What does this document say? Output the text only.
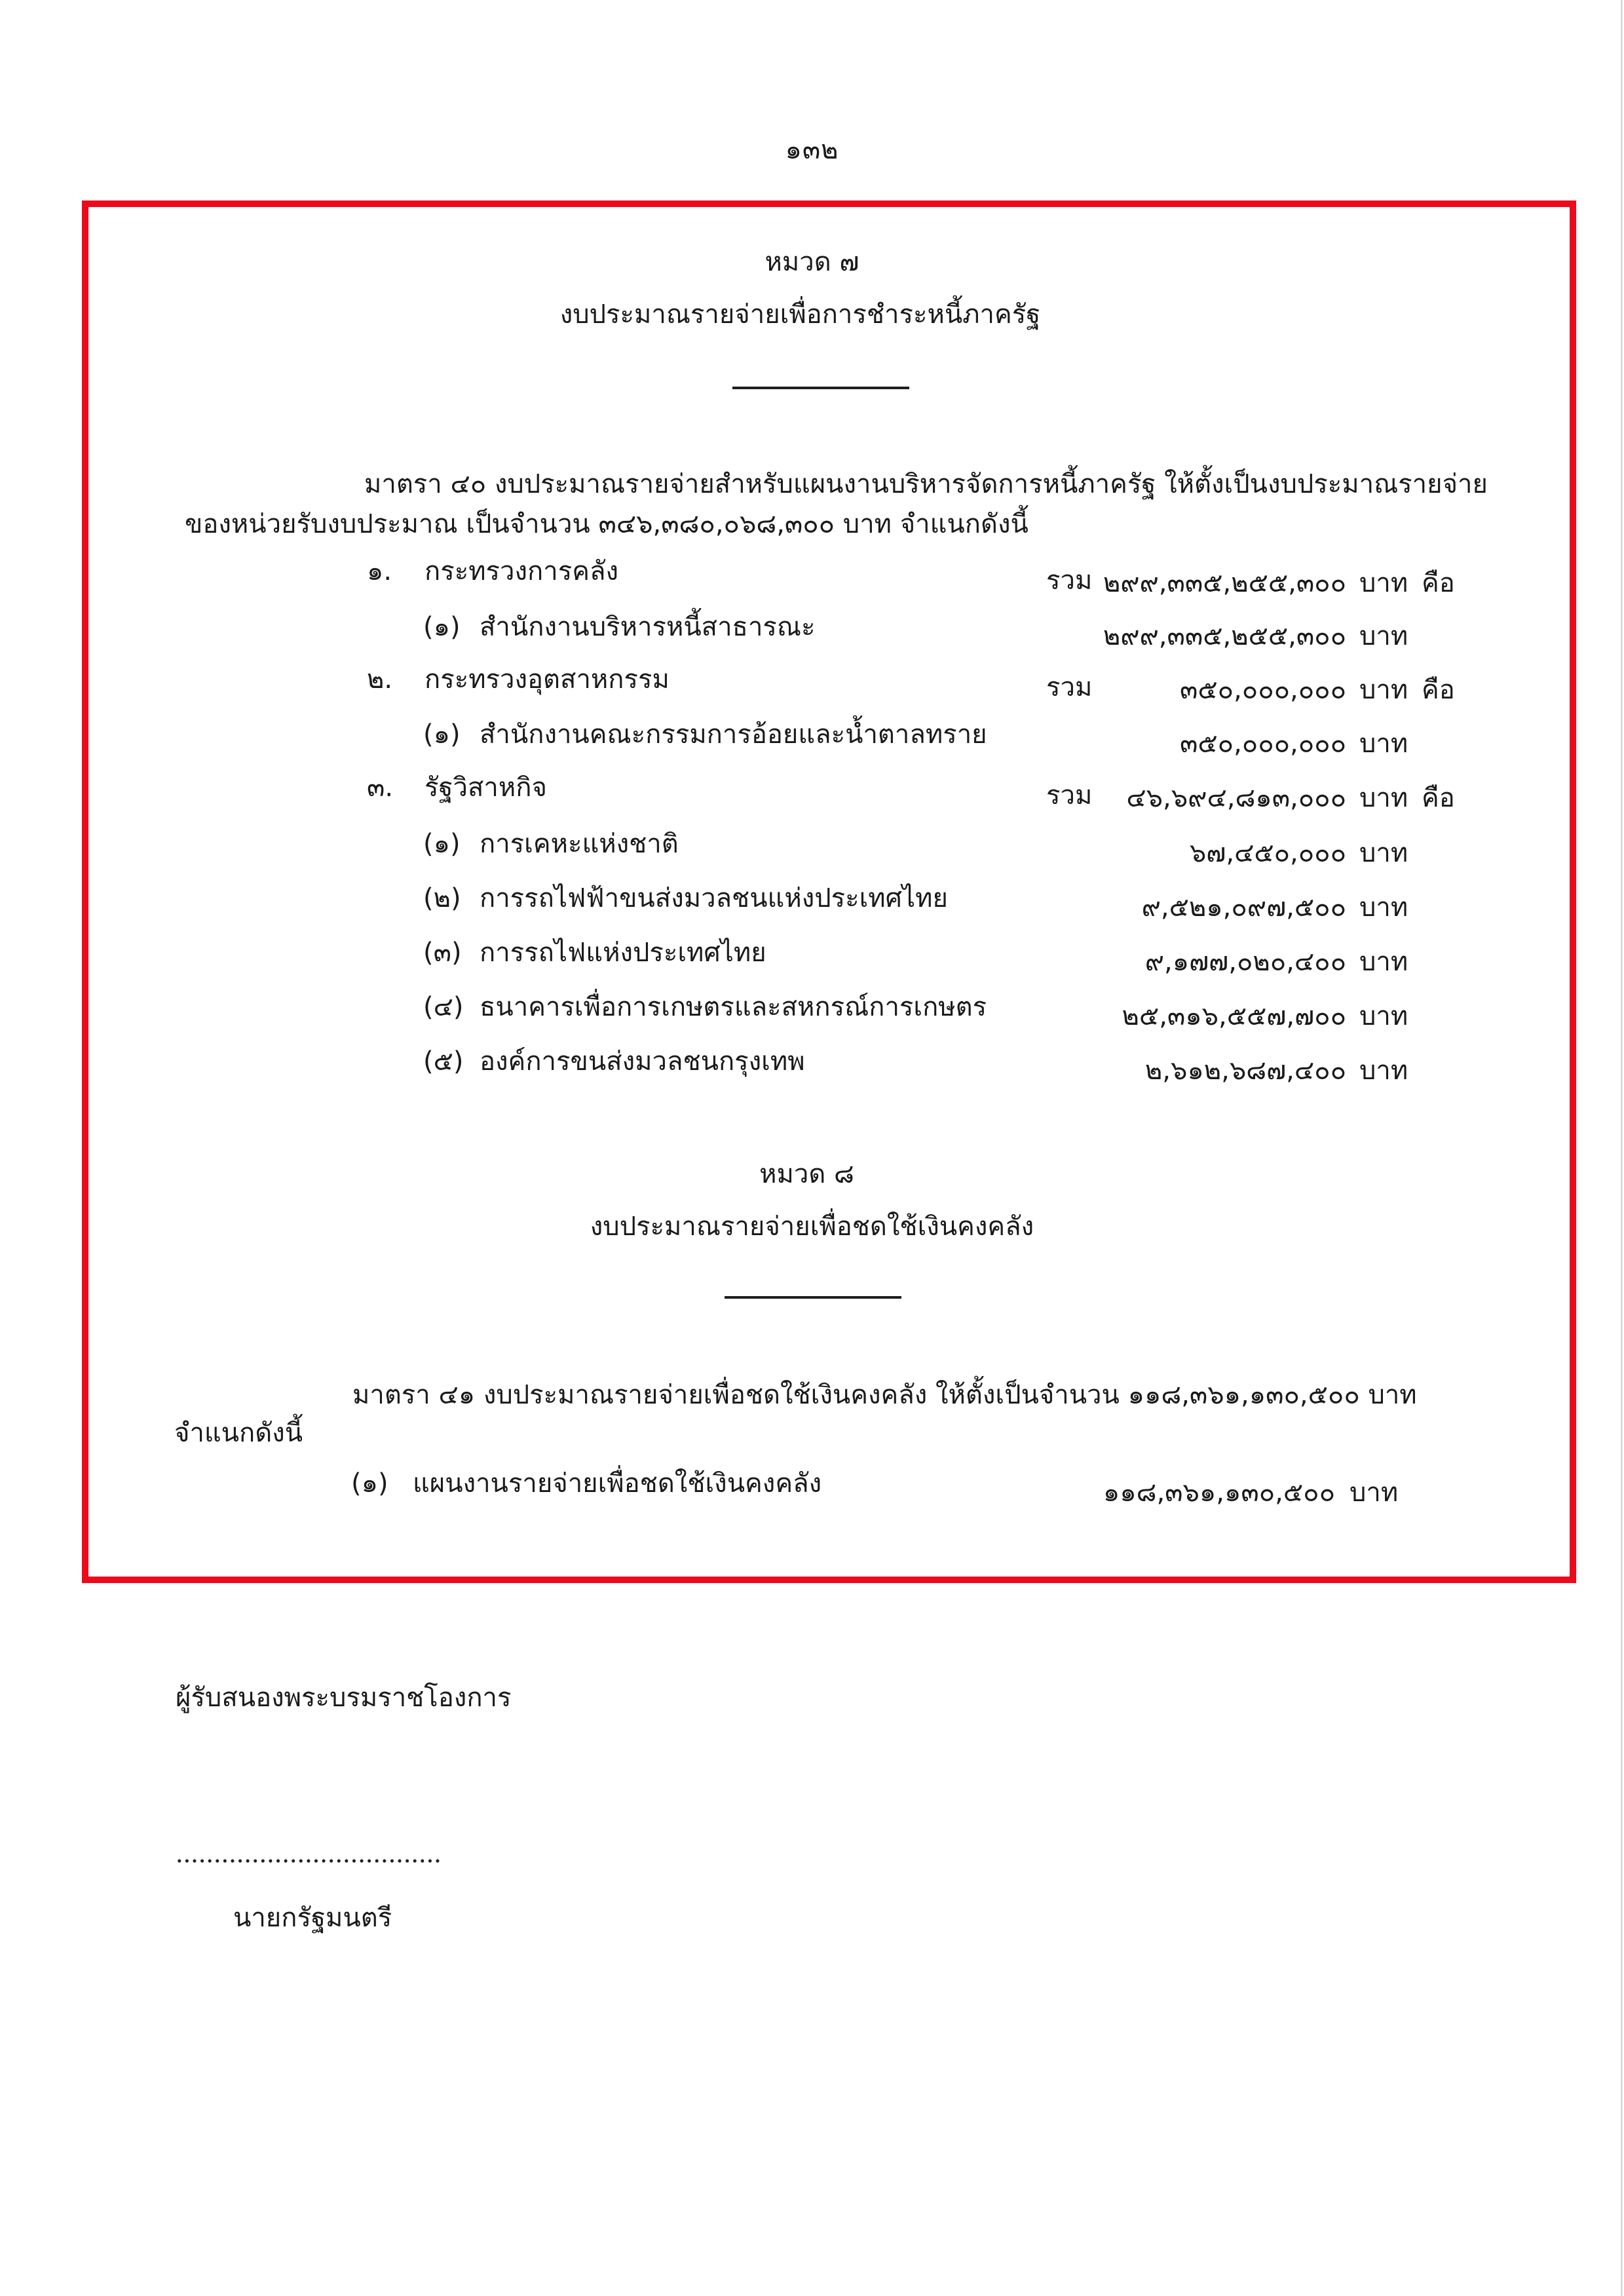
๑๓๒
หมวด ๗
งบประมาณรายจ่ายเพื่อการชำระหนี้ภาครัฐ
มาตรา ๔๐ งบประมาณรายจ่ายสำหรับแผนงานบริหารจัดการหนี้ภาครัฐ ให้ตั้งเป็นงบประมาณรายจ่าย
ของหน่วยรับงบประมาณ เป็นจำนวน ๓๔๖,๓๘๐,๐๖๘,๓๐๐ บาท จำแนกดังนี้
๑. กระทรวงการคลัง	รวม ๒๙๙,๓๓๕,๒๕๕,๓๐๐ บาท คือ
(๑) สำนักงานบริหารหนี้สาธารณะ	๒๙๙,๓๓๕,๒๕๕,๓๐๐ บาท
๒. กระทรวงอุตสาหกรรม	รวม	๓๕๐,๐๐๐,๐๐๐ บาท คือ
(๑) สำนักงานคณะกรรมการอ้อยและน้ำตาลทราย	๓๕๐,๐๐๐,๐๐๐ บาท
๓. รัฐวิสาหกิจ	รวม	๔๖,๖๙๔,๘๑๓,๐๐๐ บาท คือ
(๑) การเคหะแห่งชาติ	๖๗,๔๕๐,๐๐๐ บาท
(๒) การรถไฟฟ้าขนส่งมวลชนแห่งประเทศไทย	๙,๕๒๑,๐๙๗,๕๐๐ บาท
(๓) การรถไฟแห่งประเทศไทย	๙,๑๗๗,๐๒๐,๔๐๐ บาท
(๔) ธนาคารเพื่อการเกษตรและสหกรณ์การเกษตร	๒๕,๓๑๖,๕๕๗,๗๐๐ บาท
(๕) องค์การขนส่งมวลชนกรุงเทพ	๒,๖๑๒,๖๘๗,๔๐๐ บาท
หมวด ๘
งบประมาณรายจ่ายเพื่อชดใช้เงินคงคลัง
มาตรา ๔๑ งบประมาณรายจ่ายเพื่อชดใช้เงินคงคลัง ให้ตั้งเป็นจำนวน ๑๑๘,๓๖๑,๑๓๐,๕๐๐ บาท
จำแนกดังนี้
(๑) แผนงานรายจ่ายเพื่อชดใช้เงินคงคลัง	๑๑๘,๓๖๑,๑๓๐,๕๐๐ บาท
ผู้รับสนองพระบรมราชโองการ
นายกรัฐมนตรี
